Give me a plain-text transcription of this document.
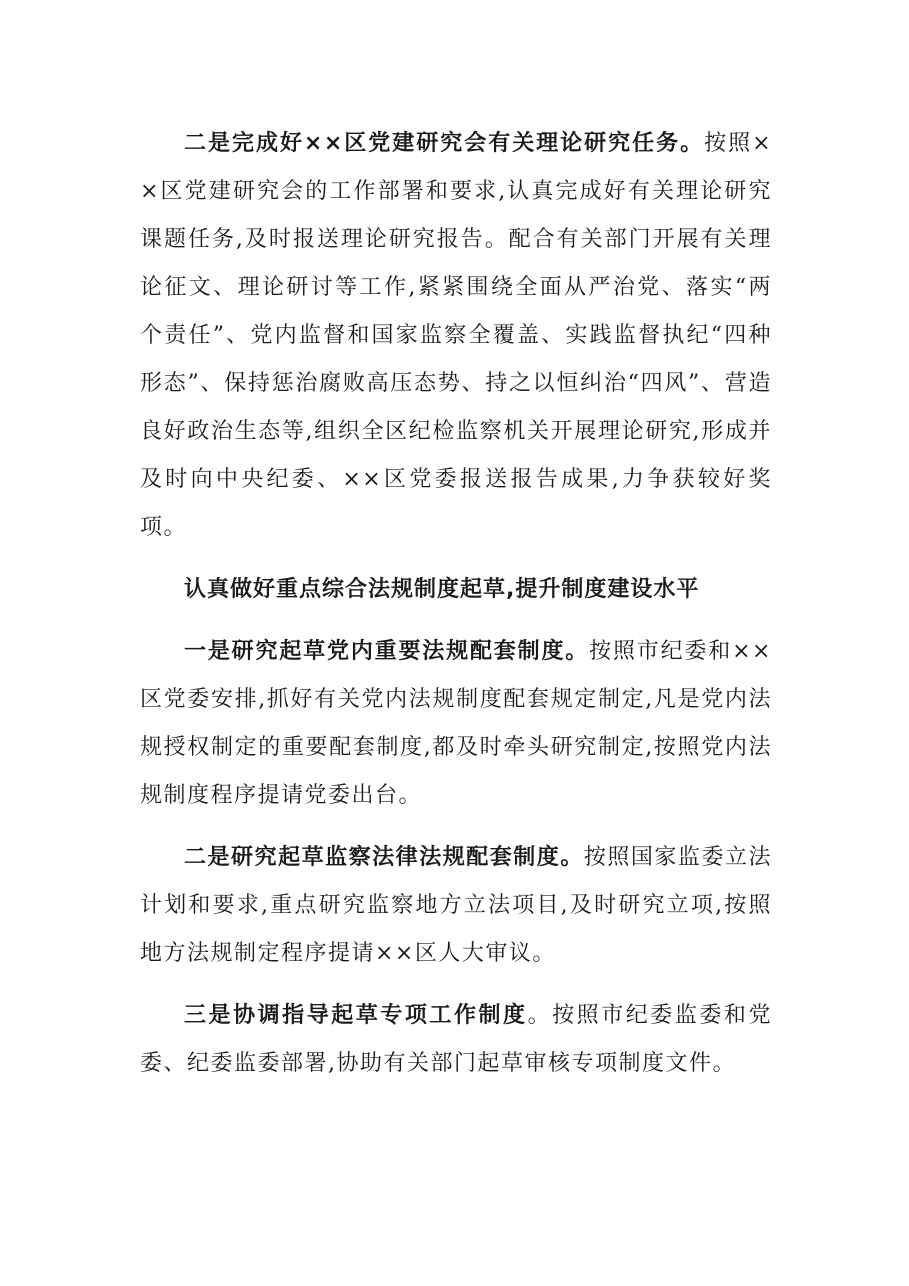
二是完成好××区党建研究会有关理论研究任务。按照××区党建研究会的工作部署和要求,认真完成好有关理论研究课题任务,及时报送理论研究报告。配合有关部门开展有关理论征文、理论研讨等工作,紧紧围绕全面从严治党、落实“两个责任”、党内监督和国家监察全覆盖、实践监督执纪“四种形态”、保持惩治腐败高压态势、持之以恒纠治“四风”、营造良好政治生态等,组织全区纪检监察机关开展理论研究,形成并及时向中央纪委、××区党委报送报告成果,力争获较好奖项。

认真做好重点综合法规制度起草,提升制度建设水平

一是研究起草党内重要法规配套制度。按照市纪委和××区党委安排,抓好有关党内法规制度配套规定制定,凡是党内法规授权制定的重要配套制度,都及时牵头研究制定,按照党内法规制度程序提请党委出台。

二是研究起草监察法律法规配套制度。按照国家监委立法计划和要求,重点研究监察地方立法项目,及时研究立项,按照地方法规制定程序提请××区人大审议。

三是协调指导起草专项工作制度。按照市纪委监委和党委、纪委监委部署,协助有关部门起草审核专项制度文件。
